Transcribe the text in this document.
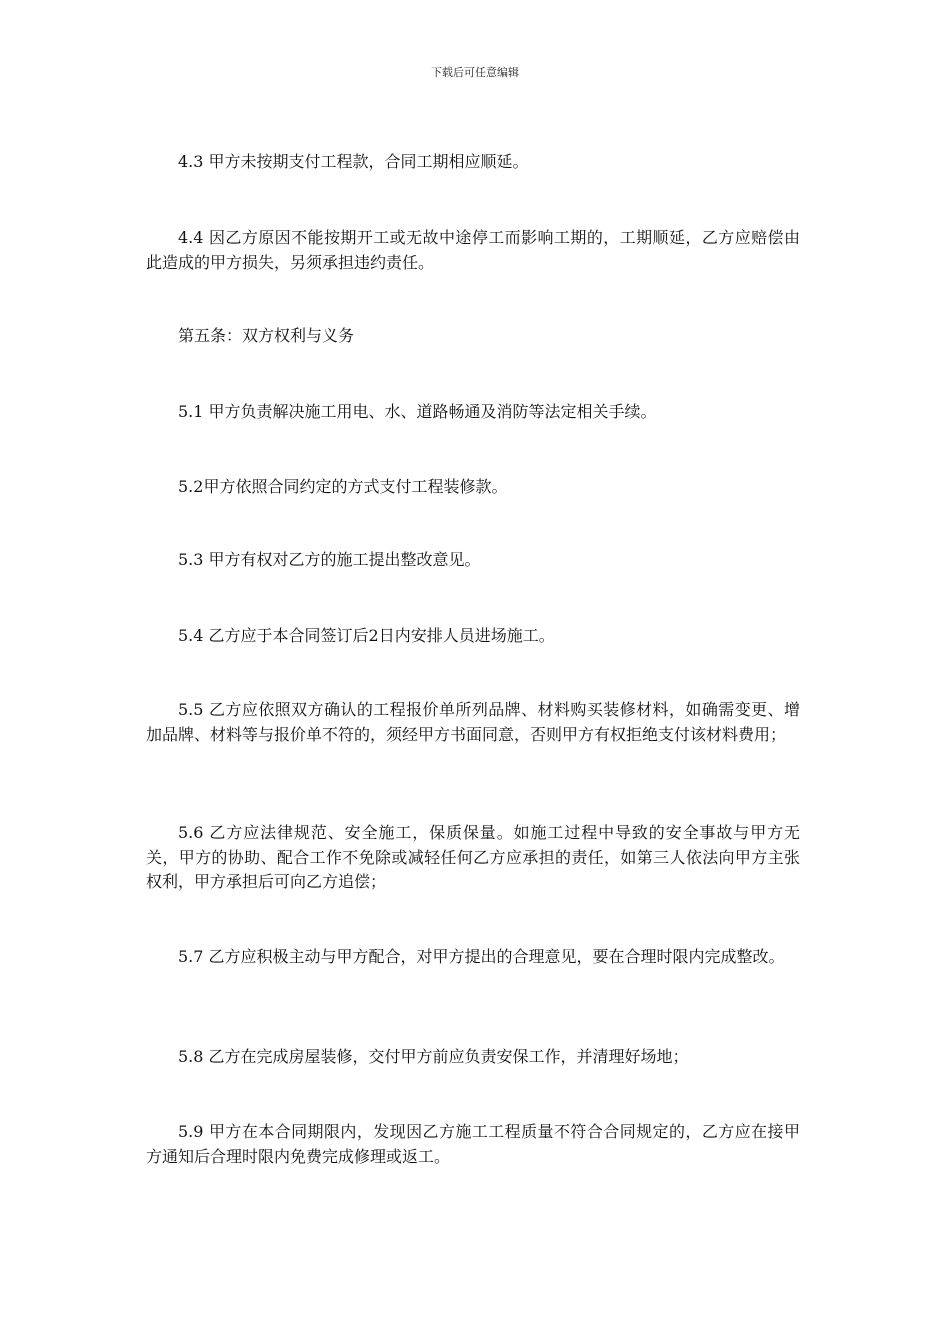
下载后可任意编辑

4.3 甲方未按期支付工程款，合同工期相应顺延。

4.4 因乙方原因不能按期开工或无故中途停工而影响工期的，工期顺延，乙方应赔偿由此造成的甲方损失，另须承担违约责任。

第五条：双方权利与义务

5.1 甲方负责解决施工用电、水、道路畅通及消防等法定相关手续。

5.2甲方依照合同约定的方式支付工程装修款。

5.3 甲方有权对乙方的施工提出整改意见。

5.4 乙方应于本合同签订后2日内安排人员进场施工。

5.5 乙方应依照双方确认的工程报价单所列品牌、材料购买装修材料，如确需变更、增加品牌、材料等与报价单不符的，须经甲方书面同意，否则甲方有权拒绝支付该材料费用；

5.6 乙方应法律规范、安全施工，保质保量。如施工过程中导致的安全事故与甲方无关，甲方的协助、配合工作不免除或减轻任何乙方应承担的责任，如第三人依法向甲方主张权利，甲方承担后可向乙方追偿；

5.7 乙方应积极主动与甲方配合，对甲方提出的合理意见，要在合理时限内完成整改。

5.8 乙方在完成房屋装修，交付甲方前应负责安保工作，并清理好场地；

5.9 甲方在本合同期限内，发现因乙方施工工程质量不符合合同规定的，乙方应在接甲方通知后合理时限内免费完成修理或返工。
